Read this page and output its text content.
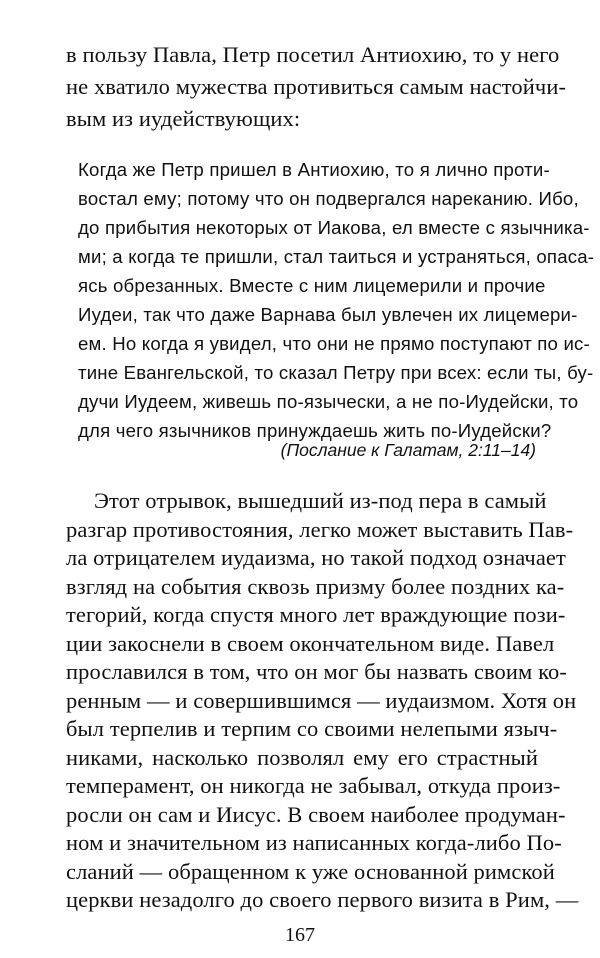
в пользу Павла, Петр посетил Антиохию, то у него
не хватило мужества противиться самым настойчи-
вым из иудействующих:
Когда же Петр пришел в Антиохию, то я лично проти-
востал ему; потому что он подвергался нареканию. Ибо,
до прибытия некоторых от Иакова, ел вместе с язычника-
ми; а когда те пришли, стал таиться и устраняться, опаса-
ясь обрезанных. Вместе с ним лицемерили и прочие
Иудеи, так что даже Варнава был увлечен их лицемери-
ем. Но когда я увидел, что они не прямо поступают по ис-
тине Евангельской, то сказал Петру при всех: если ты, бу-
дучи Иудеем, живешь по-язычески, а не по-Иудейски, то
для чего язычников принуждаешь жить по-Иудейски?
(Послание к Галатам, 2:11–14)
Этот отрывок, вышедший из-под пера в самый
разгар противостояния, легко может выставить Пав-
ла отрицателем иудаизма, но такой подход означает
взгляд на события сквозь призму более поздних ка-
тегорий, когда спустя много лет враждующие пози-
ции закоснели в своем окончательном виде. Павел
прославился в том, что он мог бы назвать своим ко-
ренным — и совершившимся — иудаизмом. Хотя он
был терпелив и терпим со своими нелепыми языч-
никами, насколько позволял ему его страстный
темперамент, он никогда не забывал, откуда произ-
росли он сам и Иисус. В своем наиболее продуман-
ном и значительном из написанных когда-либо По-
сланий — обращенном к уже основанной римской
церкви незадолго до своего первого визита в Рим, —
167
